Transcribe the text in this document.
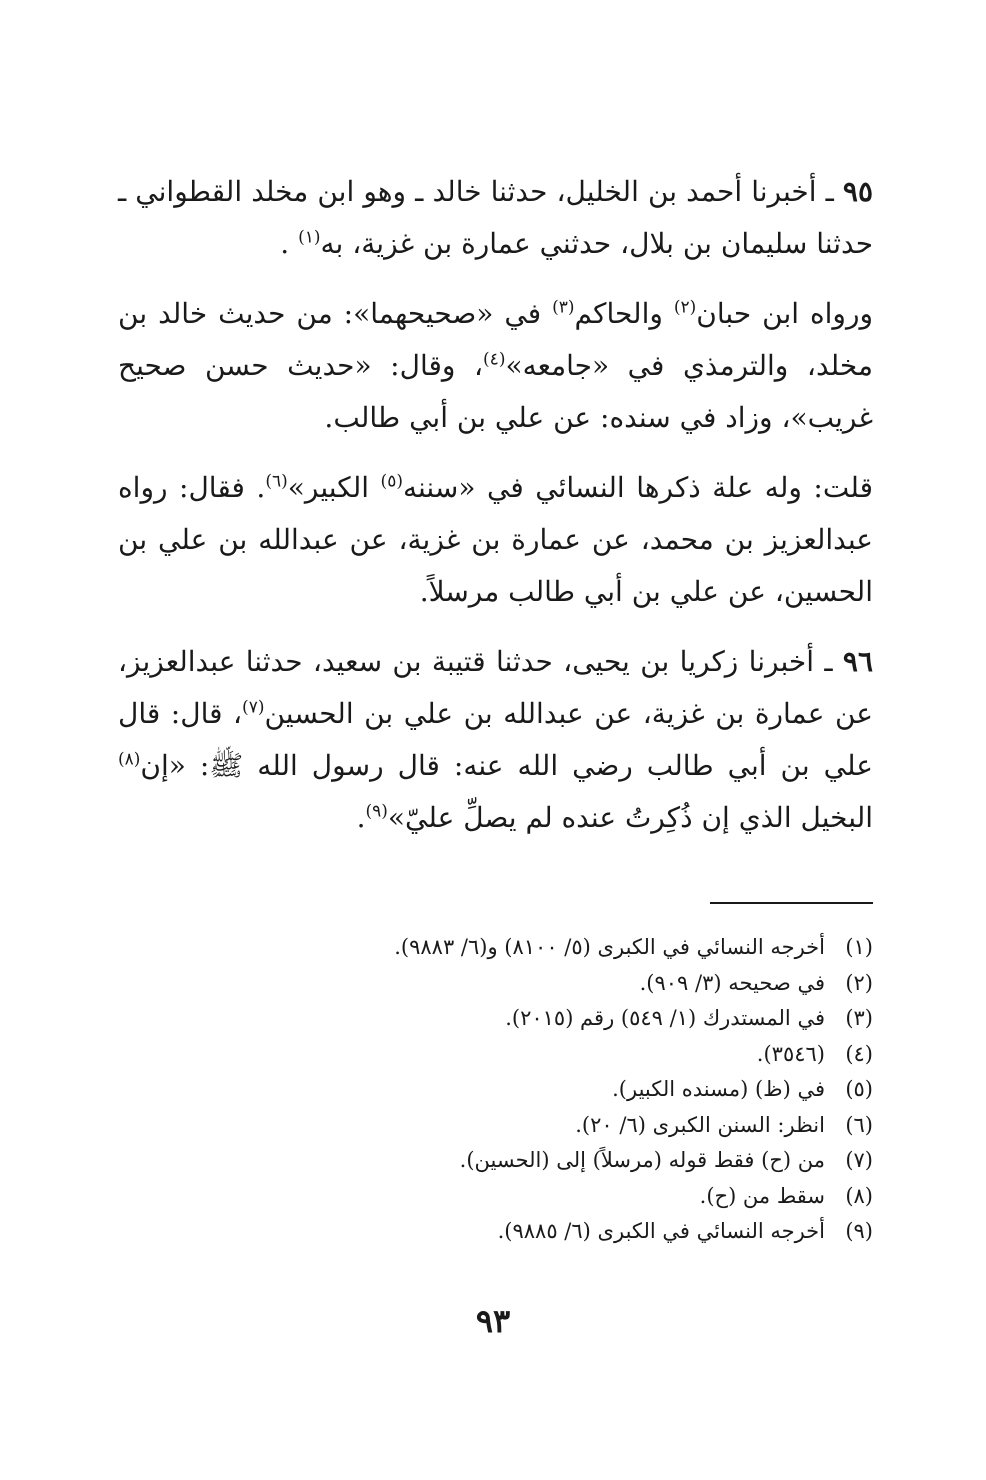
٩٥ ـ أخبرنا أحمد بن الخليل، حدثنا خالد ـ وهو ابن مخلد القطواني ـ حدثنا سليمان بن بلال، حدثني عمارة بن غزية، به$^{(١)}$ .

ورواه ابن حبان$^{(٢)}$ والحاكم$^{(٣)}$ في «صحيحهما»: من حديث خالد بن مخلد، والترمذي في «جامعه»$^{(٤)}$، وقال: «حديث حسن صحيح غريب»، وزاد في سنده: عن علي بن أبي طالب.

قلت: وله علة ذكرها النسائي في «سننه$^{(٥)}$ الكبير»$^{(٦)}$. فقال: رواه عبدالعزيز بن محمد، عن عمارة بن غزية، عن عبدالله بن علي بن الحسين، عن علي بن أبي طالب مرسلاً.

٩٦ ـ أخبرنا زكريا بن يحيى، حدثنا قتيبة بن سعيد، حدثنا عبدالعزيز، عن عمارة بن غزية، عن عبدالله بن علي بن الحسين$^{(٧)}$، قال: قال علي بن أبي طالب رضي الله عنه: قال رسول الله ﷺ: «إن$^{(٨)}$ البخيل الذي إن ذُكِرتُ عنده لم يصلِّ عليّ»$^{(٩)}$.

(١)أخرجه النسائي في الكبرى (٥/ ٨١٠٠) و(٦/ ٩٨٨٣).
(٢)في صحيحه (٣/ ٩٠٩).
(٣)في المستدرك (١/ ٥٤٩) رقم (٢٠١٥).
(٤)(٣٥٤٦).
(٥)في (ظ) (مسنده الكبير).
(٦)انظر: السنن الكبرى (٦/ ٢٠).
(٧)من (ح) فقط قوله (مرسلاً) إلى (الحسين).
(٨)سقط من (ح).
(٩)أخرجه النسائي في الكبرى (٦/ ٩٨٨٥).
٩٣
